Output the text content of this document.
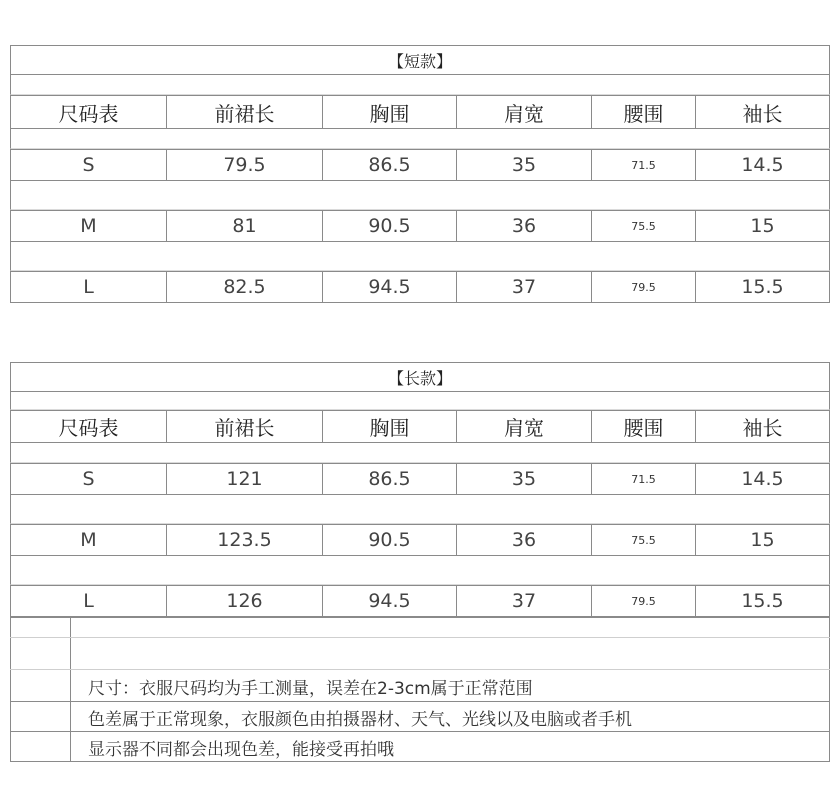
【短款】
尺码表	前裙长	胸围	肩宽	腰围	袖长
S	79.5	86.5	35	71.5	14.5
M	81	90.5	36	75.5	15
L	82.5	94.5	37	79.5	15.5
【长款】
尺码表	前裙长	胸围	肩宽	腰围	袖长
S	121	86.5	35	71.5	14.5
M	123.5	90.5	36	75.5	15
L	126	94.5	37	79.5	15.5
尺寸：衣服尺码均为手工测量，误差在2-3cm属于正常范围
色差属于正常现象，衣服颜色由拍摄器材、天气、光线以及电脑或者手机
显示器不同都会出现色差，能接受再拍哦
